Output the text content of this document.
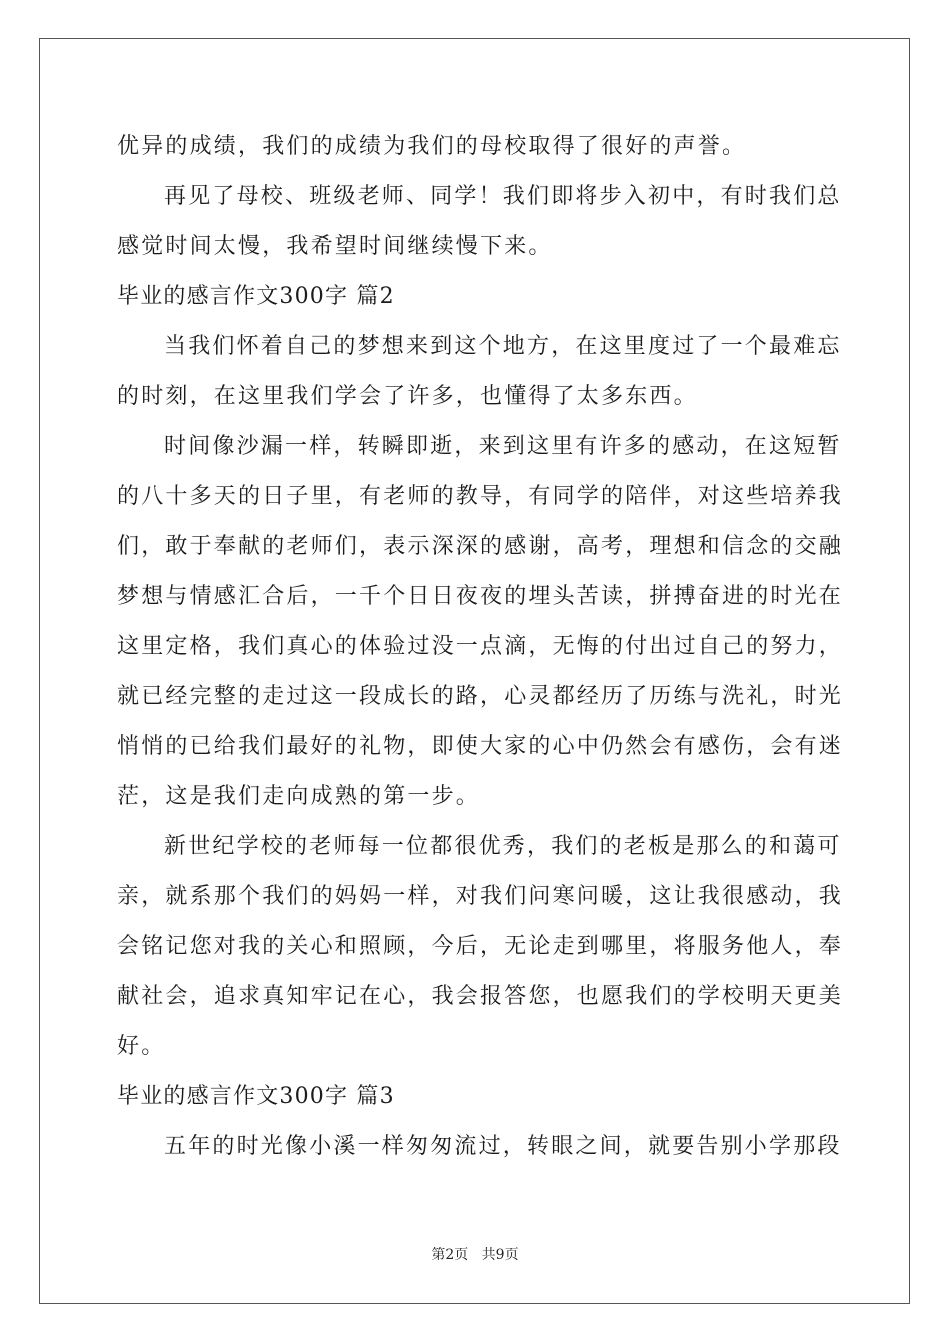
优异的成绩，我们的成绩为我们的母校取得了很好的声誉。
再见了母校、班级老师、同学！我们即将步入初中，有时我们总
感觉时间太慢，我希望时间继续慢下来。
毕业的感言作文300字 篇2
当我们怀着自己的梦想来到这个地方，在这里度过了一个最难忘
的时刻，在这里我们学会了许多，也懂得了太多东西。
时间像沙漏一样，转瞬即逝，来到这里有许多的感动，在这短暂
的八十多天的日子里，有老师的教导，有同学的陪伴，对这些培养我
们，敢于奉献的老师们，表示深深的感谢，高考，理想和信念的交融
梦想与情感汇合后，一千个日日夜夜的埋头苦读，拼搏奋进的时光在
这里定格，我们真心的体验过没一点滴，无悔的付出过自己的努力，
就已经完整的走过这一段成长的路，心灵都经历了历练与洗礼，时光
悄悄的已给我们最好的礼物，即使大家的心中仍然会有感伤，会有迷
茫，这是我们走向成熟的第一步。
新世纪学校的老师每一位都很优秀，我们的老板是那么的和蔼可
亲，就系那个我们的妈妈一样，对我们问寒问暖，这让我很感动，我
会铭记您对我的关心和照顾，今后，无论走到哪里，将服务他人，奉
献社会，追求真知牢记在心，我会报答您，也愿我们的学校明天更美
好。
毕业的感言作文300字 篇3
五年的时光像小溪一样匆匆流过，转眼之间，就要告别小学那段
第2页 共9页
